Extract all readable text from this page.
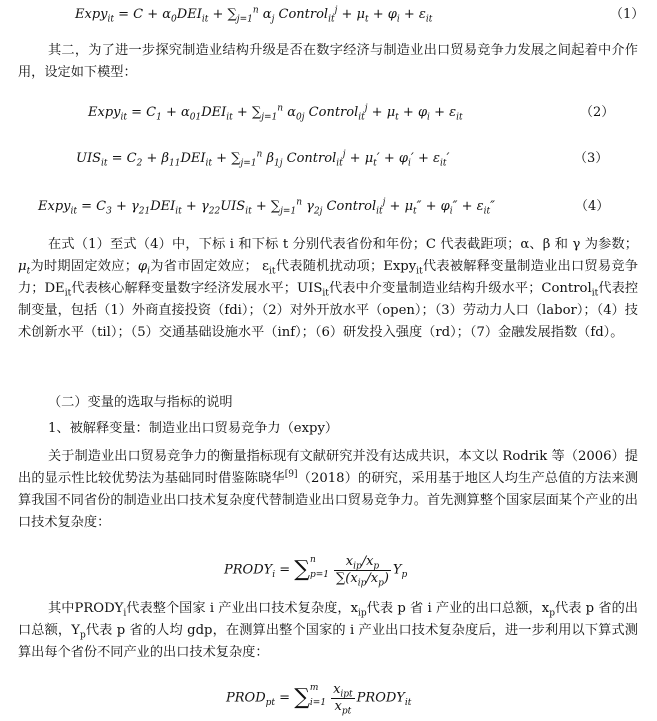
Expy$_{it}$ = $C + \alpha_0DEI_{it} + \sum_{j=1}^n$ $\alpha_j$ Control$_{it}^j$ + $\mu_t + \varphi_i + \varepsilon_{it}$	（1）
其二，为了进一步探究制造业结构升级是否在数字经济与制造业出口贸易竞争力发展之间起着中介作用，设定如下模型：
Expy$_{it}$ = $C_1 + \alpha_{01}DEI_{it} + \sum_{j=1}^n$ $\alpha_{0j}$ Control$_{it}^j$ + $\mu_t + \varphi_i + \varepsilon_{it}$	（2）
$UIS_{it} = C_2 + \beta_{11}DEI_{it} + \sum_{j=1}^n$ $\beta_{1j}$ Control$_{it}^j$ + $\mu_t' + \varphi_i' + \varepsilon_{it}'$	（3）
Expy$_{it}$ = $C_3 + \gamma_{21}DEI_{it} + \gamma_{22}UIS_{it} + \sum_{j=1}^n$ $\gamma_{2j}$ Control$_{it}^j$ + $\mu_t'' + \varphi_i'' + \varepsilon_{it}''$	（4）
在式（1）至式（4）中，下标 i 和下标 t 分别代表省份和年份；C 代表截距项；α、β 和 γ 为参数；$\mu_t$为时期固定效应；$\varphi_i$为省市固定效应； $\varepsilon_{it}$代表随机扰动项；Expy$_{it}$代表被解释变量制造业出口贸易竞争力；$DE_{it}$代表核心解释变量数字经济发展水平；$UIS_{it}$代表中介变量制造业结构升级水平；Control$_{it}$代表控制变量，包括（1）外商直接投资（fdi）；（2）对外开放水平（open）；（3）劳动力人口（labor）；（4）技术创新水平（til）；（5）交通基础设施水平（inf）；（6）研发投入强度（rd）；（7）金融发展指数（fd）。
（二）变量的选取与指标的说明
1、被解释变量：制造业出口贸易竞争力（expy）
关于制造业出口贸易竞争力的衡量指标现有文献研究并没有达成共识，本文以 Rodrik 等（2006）提出的显示性比较优势法为基础同时借鉴陈晓华[9]（2018）的研究，采用基于地区人均生产总值的方法来测算我国不同省份的制造业出口技术复杂度代替制造业出口贸易竞争力。首先测算整个国家层面某个产业的出口技术复杂度：
$PRODY_i = \sum^n$
$p=1 \frac{x_{ip}/x_p}{\sum(x_{ip}/x_p)} Y_p$
其中$PRODY_i$代表整个国家 i 产业出口技术复杂度，$x_{ip}$代表 p 省 i 产业的出口总额，$x_p$代表 p 省的出口总额，$Y_p$代表 p 省的人均 gdp，在测算出整个国家的 i 产业出口技术复杂度后，进一步利用以下算式测算出每个省份不同产业的出口技术复杂度：
$PROD_{pt} = \sum^m$
$i=1 \frac{x_{ipt}}{x_{pt}}$ $PRODY_{it}$
